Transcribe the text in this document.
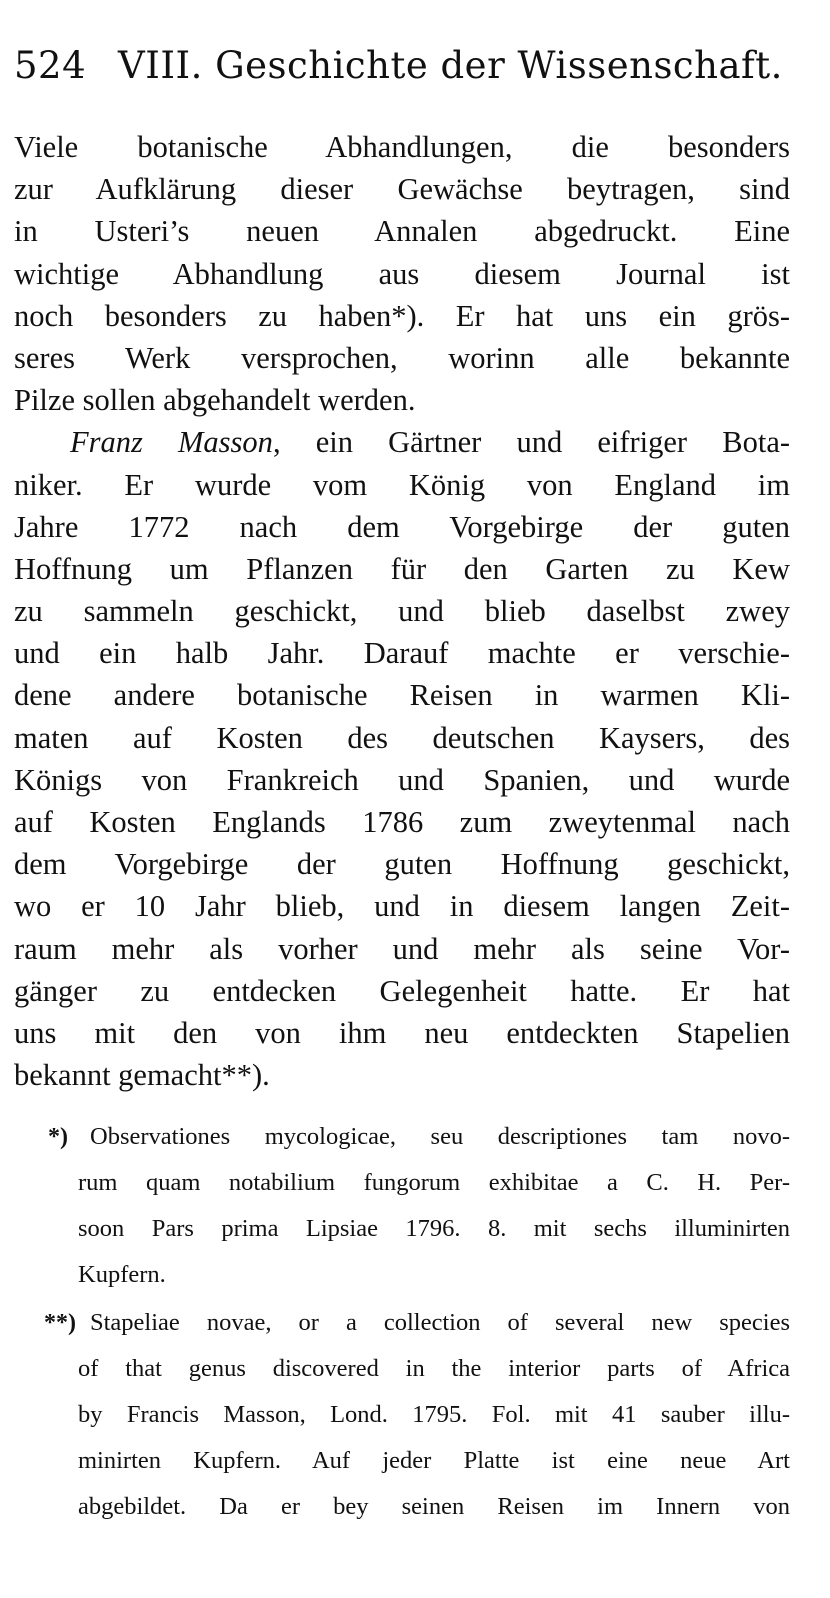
524 VIII. Geschichte der Wissenschaft.
Viele botanische Abhandlungen, die besonders
zur Aufklärung dieser Gewächse beytragen, sind
in Usteri’s neuen Annalen abgedruckt. Eine
wichtige Abhandlung aus diesem Journal ist
noch besonders zu haben*). Er hat uns ein grös-
seres Werk versprochen, worinn alle bekannte
Pilze sollen abgehandelt werden.
Franz Masson, ein Gärtner und eifriger Bota-
niker. Er wurde vom König von England im
Jahre 1772 nach dem Vorgebirge der guten
Hoffnung um Pflanzen für den Garten zu Kew
zu sammeln geschickt, und blieb daselbst zwey
und ein halb Jahr. Darauf machte er verschie-
dene andere botanische Reisen in warmen Kli-
maten auf Kosten des deutschen Kaysers, des
Königs von Frankreich und Spanien, und wurde
auf Kosten Englands 1786 zum zweytenmal nach
dem Vorgebirge der guten Hoffnung geschickt,
wo er 10 Jahr blieb, und in diesem langen Zeit-
raum mehr als vorher und mehr als seine Vor-
gänger zu entdecken Gelegenheit hatte. Er hat
uns mit den von ihm neu entdeckten Stapelien
bekannt gemacht**).
*) Observationes mycologicae, seu descriptiones tam novo-
rum quam notabilium fungorum exhibitae a C. H. Per-
soon Pars prima Lipsiae 1796. 8. mit sechs illuminirten
Kupfern.
**) Stapeliae novae, or a collection of several new species
of that genus discovered in the interior parts of Africa
by Francis Masson, Lond. 1795. Fol. mit 41 sauber illu-
minirten Kupfern. Auf jeder Platte ist eine neue Art
abgebildet. Da er bey seinen Reisen im Innern von
